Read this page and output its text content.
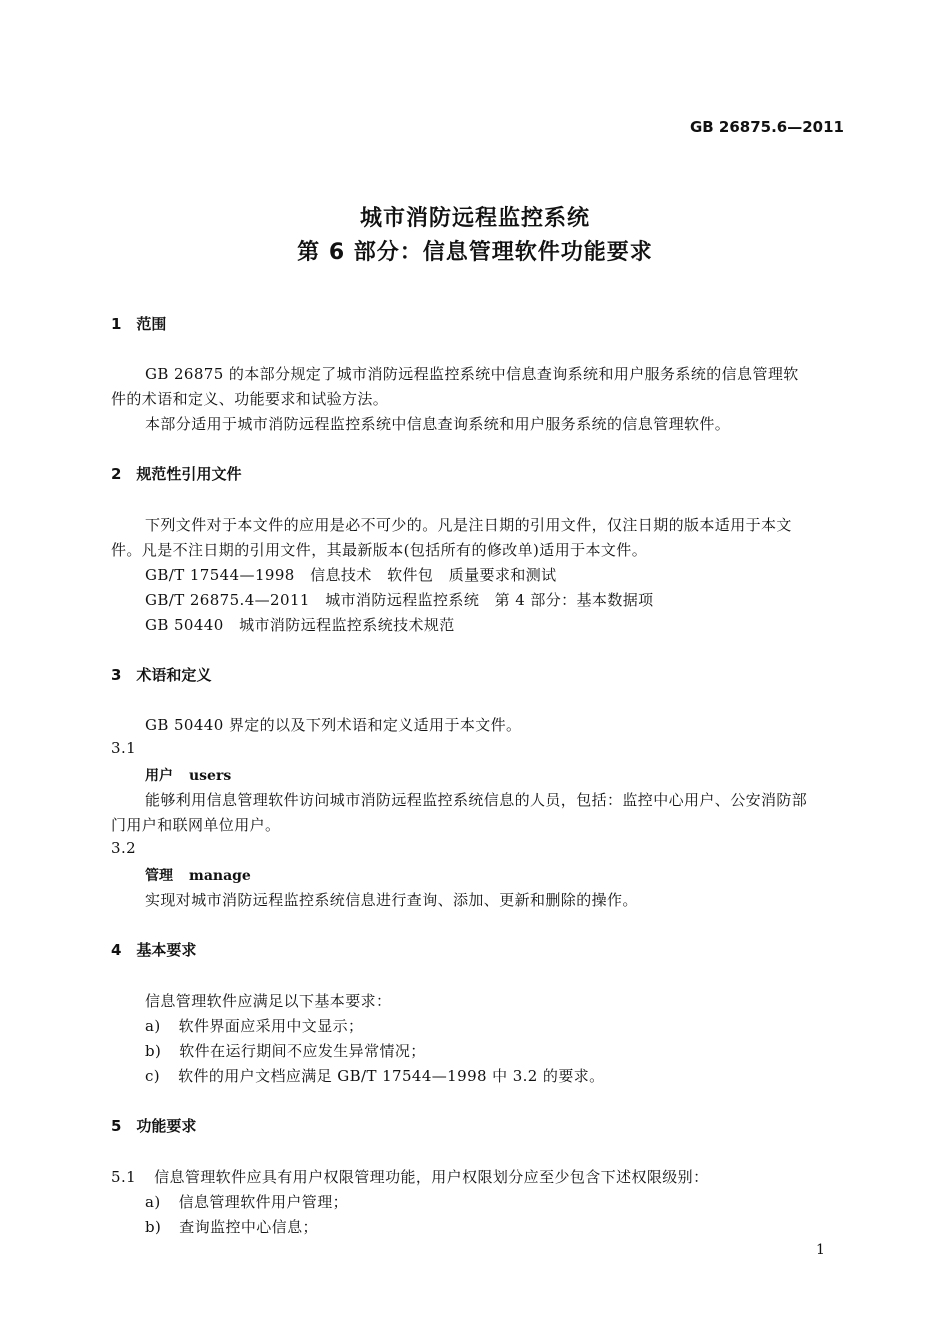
GB 26875.6—2011
城市消防远程监控系统
第 6 部分：信息管理软件功能要求
1　范围
GB 26875 的本部分规定了城市消防远程监控系统中信息查询系统和用户服务系统的信息管理软
件的术语和定义、功能要求和试验方法。
本部分适用于城市消防远程监控系统中信息查询系统和用户服务系统的信息管理软件。
2　规范性引用文件
下列文件对于本文件的应用是必不可少的。凡是注日期的引用文件，仅注日期的版本适用于本文
件。凡是不注日期的引用文件，其最新版本(包括所有的修改单)适用于本文件。
GB/T 17544—1998　信息技术　软件包　质量要求和测试
GB/T 26875.4—2011　城市消防远程监控系统　第 4 部分：基本数据项
GB 50440　城市消防远程监控系统技术规范
3　术语和定义
GB 50440 界定的以及下列术语和定义适用于本文件。
3.1
用户 users
能够利用信息管理软件访问城市消防远程监控系统信息的人员，包括：监控中心用户、公安消防部
门用户和联网单位用户。
3.2
管理 manage
实现对城市消防远程监控系统信息进行查询、添加、更新和删除的操作。
4　基本要求
信息管理软件应满足以下基本要求：
a) 软件界面应采用中文显示；
b) 软件在运行期间不应发生异常情况；
c) 软件的用户文档应满足 GB/T 17544—1998 中 3.2 的要求。
5　功能要求
5.1 信息管理软件应具有用户权限管理功能，用户权限划分应至少包含下述权限级别：
a) 信息管理软件用户管理；
b) 查询监控中心信息；
1
